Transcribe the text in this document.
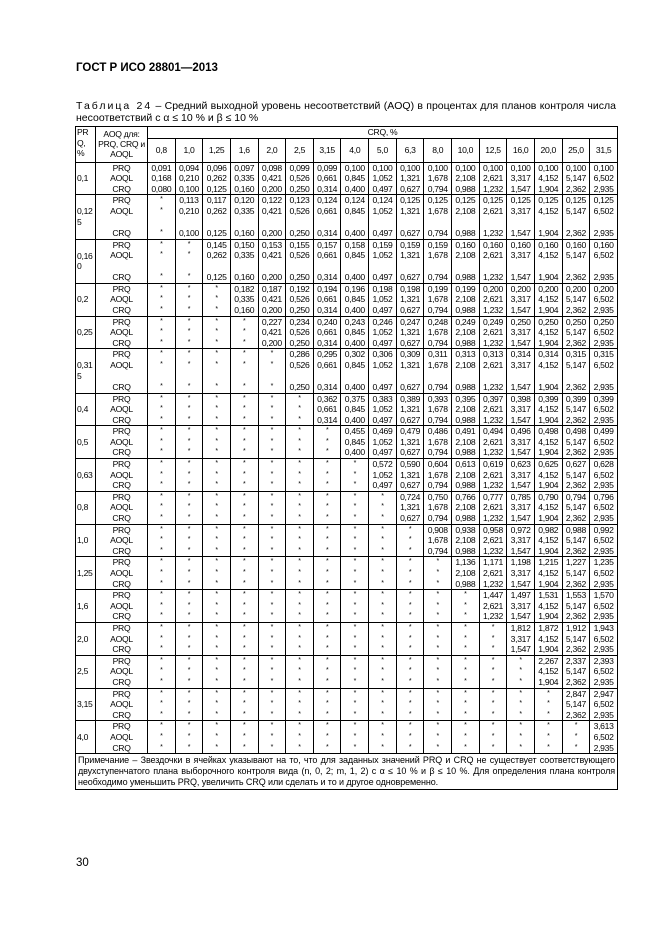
ГОСТ Р ИСО 28801—2013
Таблица 24 – Средний выходной уровень несоответствий (AOQ) в процентах для планов контроля числа несоответствий с α ≤ 10 % и β ≤ 10 %
PRQ, %	AOQ для: PRQ, CRQ и AOQL	CRQ, %																
		0,8	1,0	1,25	1,6	2,0	2,5	3,15	4,0	5,0	6,3	8,0	10,0	12,5	16,0	20,0	25,0	31,5
0,1	PRQ	0,091	0,094	0,096	0,097	0,098	0,099	0,099	0,100	0,100	0,100	0,100	0,100	0,100	0,100	0,100	0,100	0,100
	AOQL	0,168	0,210	0,262	0,335	0,421	0,526	0,661	0,845	1,052	1,321	1,678	2,108	2,621	3,317	4,152	5,147	6,502
	CRQ	0,080	0,100	0,125	0,160	0,200	0,250	0,314	0,400	0,497	0,627	0,794	0,988	1,232	1,547	1,904	2,362	2,935
0,125	PRQ	*	0,113	0,117	0,120	0,122	0,123	0,124	0,124	0,124	0,125	0,125	0,125	0,125	0,125	0,125	0,125	0,125
	AOQL	*	0,210	0,262	0,335	0,421	0,526	0,661	0,845	1,052	1,321	1,678	2,108	2,621	3,317	4,152	5,147	6,502
	CRQ	*	0,100	0,125	0,160	0,200	0,250	0,314	0,400	0,497	0,627	0,794	0,988	1,232	1,547	1,904	2,362	2,935
0,160	PRQ	*	*	0,145	0,150	0,153	0,155	0,157	0,158	0,159	0,159	0,159	0,160	0,160	0,160	0,160	0,160	0,160
	AOQL	*	*	0,262	0,335	0,421	0,526	0,661	0,845	1,052	1,321	1,678	2,108	2,621	3,317	4,152	5,147	6,502
	CRQ	*	*	0,125	0,160	0,200	0,250	0,314	0,400	0,497	0,627	0,794	0,988	1,232	1,547	1,904	2,362	2,935
0,2	PRQ	*	*	*	0,182	0,187	0,192	0,194	0,196	0,198	0,198	0,199	0,199	0,200	0,200	0,200	0,200	0,200
	AOQL	*	*	*	0,335	0,421	0,526	0,661	0,845	1,052	1,321	1,678	2,108	2,621	3,317	4,152	5,147	6,502
	CRQ	*	*	*	0,160	0,200	0,250	0,314	0,400	0,497	0,627	0,794	0,988	1,232	1,547	1,904	2,362	2,935
0,25	PRQ	*	*	*	*	0,227	0,234	0,240	0,243	0,246	0,247	0,248	0,249	0,249	0,250	0,250	0,250	0,250
	AOQL	*	*	*	*	0,421	0,526	0,661	0,845	1,052	1,321	1,678	2,108	2,621	3,317	4,152	5,147	6,502
	CRQ	*	*	*	*	0,200	0,250	0,314	0,400	0,497	0,627	0,794	0,988	1,232	1,547	1,904	2,362	2,935
0,315	PRQ	*	*	*	*	*	0,286	0,295	0,302	0,306	0,309	0,311	0,313	0,313	0,314	0,314	0,315	0,315
	AOQL	*	*	*	*	*	0,526	0,661	0,845	1,052	1,321	1,678	2,108	2,621	3,317	4,152	5,147	6,502
	CRQ	*	*	*	*	*	0,250	0,314	0,400	0,497	0,627	0,794	0,988	1,232	1,547	1,904	2,362	2,935
0,4	PRQ	*	*	*	*	*	*	0,362	0,375	0,383	0,389	0,393	0,395	0,397	0,398	0,399	0,399	0,399
	AOQL	*	*	*	*	*	*	0,661	0,845	1,052	1,321	1,678	2,108	2,621	3,317	4,152	5,147	6,502
	CRQ	*	*	*	*	*	*	0,314	0,400	0,497	0,627	0,794	0,988	1,232	1,547	1,904	2,362	2,935
0,5	PRQ	*	*	*	*	*	*	*	0,455	0,469	0,479	0,486	0,491	0,494	0,496	0,498	0,498	0,499
	AOQL	*	*	*	*	*	*	*	0,845	1,052	1,321	1,678	2,108	2,621	3,317	4,152	5,147	6,502
	CRQ	*	*	*	*	*	*	*	0,400	0,497	0,627	0,794	0,988	1,232	1,547	1,904	2,362	2,935
0,63	PRQ	*	*	*	*	*	*	*	*	0,572	0,590	0,604	0,613	0,619	0,623	0,625	0,627	0,628
	AOQL	*	*	*	*	*	*	*	*	1,052	1,321	1,678	2,108	2,621	3,317	4,152	5,147	6,502
	CRQ	*	*	*	*	*	*	*	*	0,497	0,627	0,794	0,988	1,232	1,547	1,904	2,362	2,935
0,8	PRQ	*	*	*	*	*	*	*	*	*	0,724	0,750	0,766	0,777	0,785	0,790	0,794	0,796
	AOQL	*	*	*	*	*	*	*	*	*	1,321	1,678	2,108	2,621	3,317	4,152	5,147	6,502
	CRQ	*	*	*	*	*	*	*	*	*	0,627	0,794	0,988	1,232	1,547	1,904	2,362	2,935
1,0	PRQ	*	*	*	*	*	*	*	*	*	*	0,908	0,938	0,958	0,972	0,982	0,988	0,992
	AOQL	*	*	*	*	*	*	*	*	*	*	1,678	2,108	2,621	3,317	4,152	5,147	6,502
	CRQ	*	*	*	*	*	*	*	*	*	*	0,794	0,988	1,232	1,547	1,904	2,362	2,935
1,25	PRQ	*	*	*	*	*	*	*	*	*	*	*	1,136	1,171	1,198	1,215	1,227	1,235
	AOQL	*	*	*	*	*	*	*	*	*	*	*	2,108	2,621	3,317	4,152	5,147	6,502
	CRQ	*	*	*	*	*	*	*	*	*	*	*	0,988	1,232	1,547	1,904	2,362	2,935
1,6	PRQ	*	*	*	*	*	*	*	*	*	*	*	*	1,447	1,497	1,531	1,553	1,570
	AOQL	*	*	*	*	*	*	*	*	*	*	*	*	2,621	3,317	4,152	5,147	6,502
	CRQ	*	*	*	*	*	*	*	*	*	*	*	*	1,232	1,547	1,904	2,362	2,935
2,0	PRQ	*	*	*	*	*	*	*	*	*	*	*	*	*	1,812	1,872	1,912	1,943
	AOQL	*	*	*	*	*	*	*	*	*	*	*	*	*	3,317	4,152	5,147	6,502
	CRQ	*	*	*	*	*	*	*	*	*	*	*	*	*	1,547	1,904	2,362	2,935
2,5	PRQ	*	*	*	*	*	*	*	*	*	*	*	*	*	*	2,267	2,337	2,393
	AOQL	*	*	*	*	*	*	*	*	*	*	*	*	*	*	4,152	5,147	6,502
	CRQ	*	*	*	*	*	*	*	*	*	*	*	*	*	*	1,904	2,362	2,935
3,15	PRQ	*	*	*	*	*	*	*	*	*	*	*	*	*	*	*	2,847	2,947
	AOQL	*	*	*	*	*	*	*	*	*	*	*	*	*	*	*	5,147	6,502
	CRQ	*	*	*	*	*	*	*	*	*	*	*	*	*	*	*	2,362	2,935
4,0	PRQ	*	*	*	*	*	*	*	*	*	*	*	*	*	*	*	*	3,613
	AOQL	*	*	*	*	*	*	*	*	*	*	*	*	*	*	*	*	6,502
	CRQ	*	*	*	*	*	*	*	*	*	*	*	*	*	*	*	*	2,935
Примечание – Звездочки в ячейках указывают на то, что для заданных значений PRQ и CRQ не существует соответствующего двухступенчатого плана выборочного контроля вида (n, 0, 2; m, 1, 2) с α ≤ 10 % и β ≤ 10 %. Для определения плана контроля необходимо уменьшить PRQ, увеличить CRQ или сделать и то и другое одновременно.																		
30
